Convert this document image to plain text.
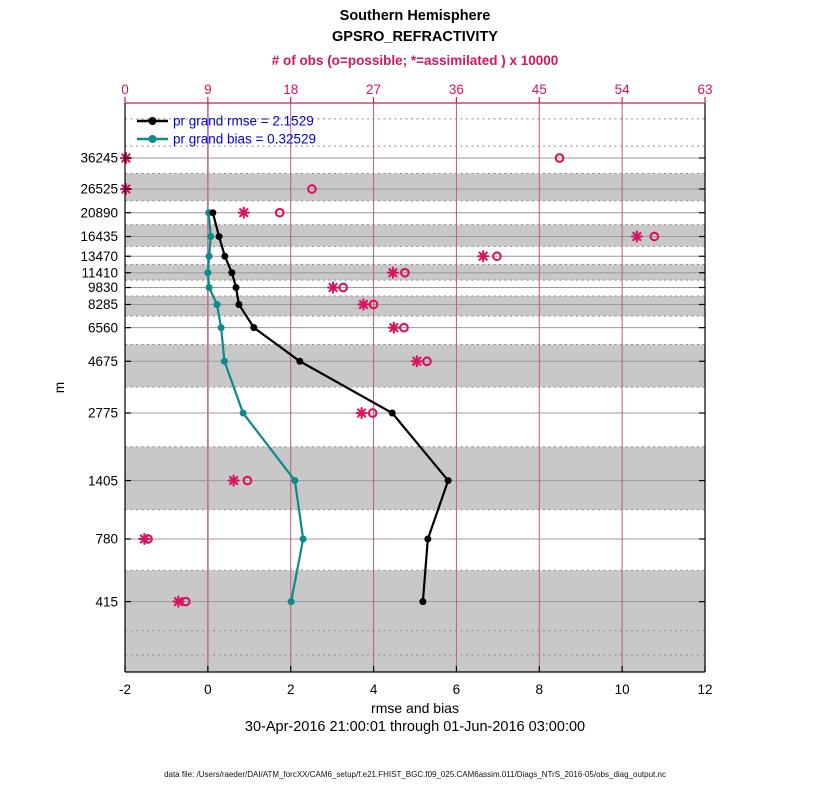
Southern Hemisphere
GPSRO_REFRACTIVITY
# of obs (o=possible; *=assimilated ) x 10000
-2	0	2	4	6	8	10	12
0	9	18	27	36	45	54	63
36245
26525
20890
16435
13470
11410
9830
8285
6560
4675
2775
1405
780
415
m
pr grand rmse = 2.1529
pr grand bias = 0.32529
rmse and bias
30-Apr-2016 21:00:01 through 01-Jun-2016 03:00:00
data file: /Users/raeder/DAI/ATM_forcXX/CAM6_setup/f.e21.FHIST_BGC.f09_025.CAM6assim.011/Diags_NTrS_2016-05/obs_diag_output.nc
